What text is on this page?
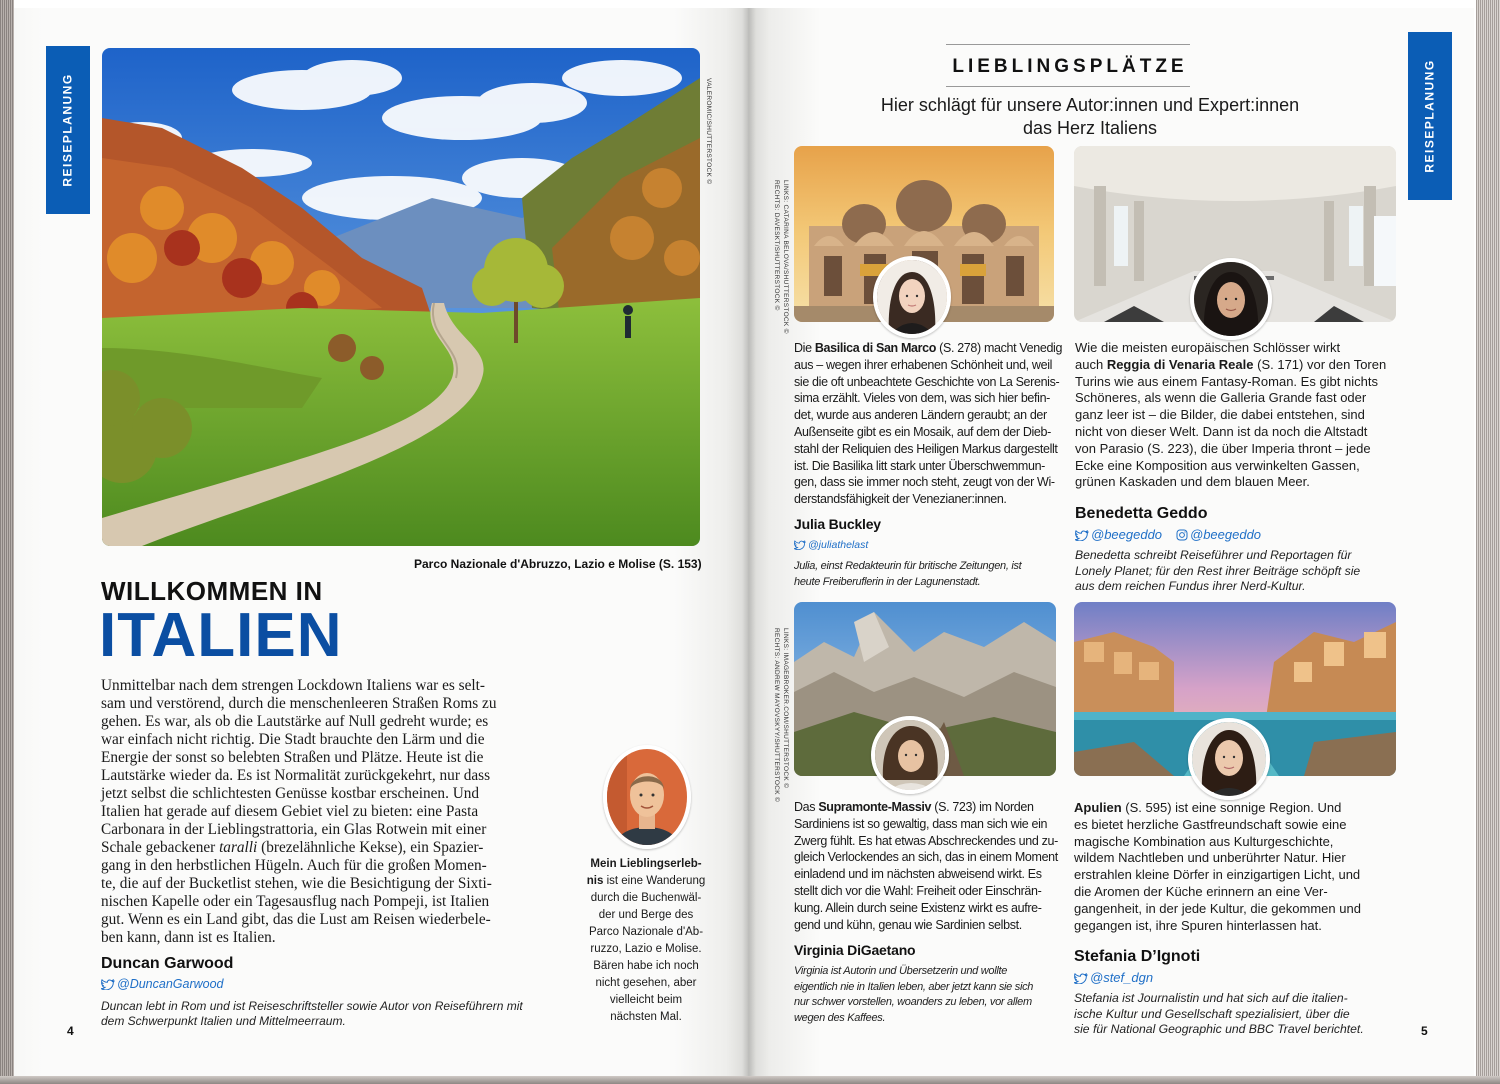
REISEPLANUNG	VALEROMIC/SHUTTERSTOCK ©
Parco Nazionale d'Abruzzo, Lazio e Molise (S. 153)
WILLKOMMEN IN
ITALIEN
Unmittelbar nach dem strengen Lockdown Italiens war es selt-
sam und verstörend, durch die menschenleeren Straßen Roms zu
gehen. Es war, als ob die Lautstärke auf Null gedreht wurde; es
war einfach nicht richtig. Die Stadt brauchte den Lärm und die
Energie der sonst so belebten Straßen und Plätze. Heute ist die
Lautstärke wieder da. Es ist Normalität zurückgekehrt, nur dass
jetzt selbst die schlichtesten Genüsse kostbar erscheinen. Und
Italien hat gerade auf diesem Gebiet viel zu bieten: eine Pasta
Carbonara in der Lieblingstrattoria, ein Glas Rotwein mit einer
Schale gebackener taralli (brezelähnliche Kekse), ein Spazier-
gang in den herbstlichen Hügeln. Auch für die großen Momen-
te, die auf der Bucketlist stehen, wie die Besichtigung der Sixti-
nischen Kapelle oder ein Tagesausflug nach Pompeji, ist Italien
gut. Wenn es ein Land gibt, das die Lust am Reisen wiederbele-
ben kann, dann ist es Italien.
Duncan Garwood
@DuncanGarwood
Duncan lebt in Rom und ist Reiseschriftsteller sowie Autor von Reiseführern mit
dem Schwerpunkt Italien und Mittelmeerraum.
Mein Lieblingserleb-
nis ist eine Wanderung
durch die Buchenwäl-
der und Berge des
Parco Nazionale d'Ab-
ruzzo, Lazio e Molise.
Bären habe ich noch
nicht gesehen, aber
vielleicht beim
nächsten Mal.
4
REISEPLANUNG
LIEBLINGSPLÄTZE
Hier schlägt für unsere Autor:innen und Expert:innen
das Herz Italiens
LINKS: CATARINA BELOVA/SHUTTERSTOCK ©
RECHTS: DAVESKT/SHUTTERSTOCK ©
LINKS: IMAGEBROKER.COM/SHUTTERSTOCK ©
RECHTS: ANDREW MAYOVSKYY/SHUTTERSTOCK ©
Die Basilica di San Marco (S. 278) macht Venedig
aus – wegen ihrer erhabenen Schönheit und, weil
sie die oft unbeachtete Geschichte von La Serenis-
sima erzählt. Vieles von dem, was sich hier befin-
det, wurde aus anderen Ländern geraubt; an der
Außenseite gibt es ein Mosaik, auf dem der Dieb-
stahl der Reliquien des Heiligen Markus dargestellt
ist. Die Basilika litt stark unter Überschwemmun-
gen, dass sie immer noch steht, zeugt von der Wi-
derstandsfähigkeit der Venezianer:innen.
Julia Buckley
@juliathelast
Julia, einst Redakteurin für britische Zeitungen, ist
heute Freiberuflerin in der Lagunenstadt.
Wie die meisten europäischen Schlösser wirkt
auch Reggia di Venaria Reale (S. 171) vor den Toren
Turins wie aus einem Fantasy-Roman. Es gibt nichts
Schöneres, als wenn die Galleria Grande fast oder
ganz leer ist – die Bilder, die dabei entstehen, sind
nicht von dieser Welt. Dann ist da noch die Altstadt
von Parasio (S. 223), die über Imperia thront – jede
Ecke eine Komposition aus verwinkelten Gassen,
grünen Kaskaden und dem blauen Meer.
Benedetta Geddo
@beegeddo	@beegeddo
Benedetta schreibt Reiseführer und Reportagen für
Lonely Planet; für den Rest ihrer Beiträge schöpft sie
aus dem reichen Fundus ihrer Nerd-Kultur.
Das Supramonte-Massiv (S. 723) im Norden
Sardiniens ist so gewaltig, dass man sich wie ein
Zwerg fühlt. Es hat etwas Abschreckendes und zu-
gleich Verlockendes an sich, das in einem Moment
einladend und im nächsten abweisend wirkt. Es
stellt dich vor die Wahl: Freiheit oder Einschrän-
kung. Allein durch seine Existenz wirkt es aufre-
gend und kühn, genau wie Sardinien selbst.
Virginia DiGaetano
Virginia ist Autorin und Übersetzerin und wollte
eigentlich nie in Italien leben, aber jetzt kann sie sich
nur schwer vorstellen, woanders zu leben, vor allem
wegen des Kaffees.
Apulien (S. 595) ist eine sonnige Region. Und
es bietet herzliche Gastfreundschaft sowie eine
magische Kombination aus Kulturgeschichte,
wildem Nachtleben und unberührter Natur. Hier
erstrahlen kleine Dörfer in einzigartigen Licht, und
die Aromen der Küche erinnern an eine Ver-
gangenheit, in der jede Kultur, die gekommen und
gegangen ist, ihre Spuren hinterlassen hat.
Stefania D’Ignoti
@stef_dgn
Stefania ist Journalistin und hat sich auf die italien-
ische Kultur und Gesellschaft spezialisiert, über die
sie für National Geographic und BBC Travel berichtet.	5
